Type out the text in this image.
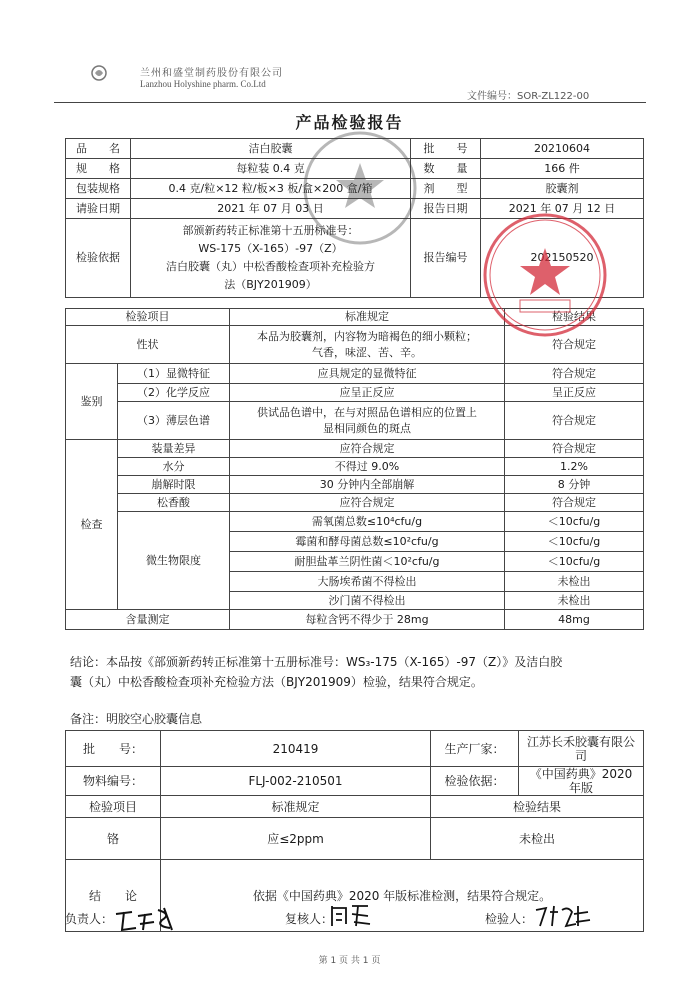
兰州和盛堂制药股份有限公司
Lanzhou Holyshine pharm. Co.Ltd
文件编号：SOR-ZL122-00
产品检验报告
品　　名	洁白胶囊	批　　号	20210604
规　　格	每粒装 0.4 克	数　　量	166 件
包装规格	0.4 克/粒×12 粒/板×3 板/盒×200 盒/箱	剂　　型	胶囊剂
请验日期	2021 年 07 月 03 日	报告日期	2021 年 07 月 12 日
检验依据	部颁新药转正标准第十五册标准号：
WS-175（X-165）-97（Z）
洁白胶囊（丸）中松香酸检查项补充检验方
法（BJY201909）	报告编号	202150520
检验项目		标准规定	检验结果
性状		本品为胶囊剂，内容物为暗褐色的细小颗粒；
气香，味涩、苦、辛。	符合规定
鉴别	（1）显微特征	应具规定的显微特征	符合规定
	（2）化学反应	应呈正反应	呈正反应
	（3）薄层色谱	供试品色谱中，在与对照品色谱相应的位置上
显相同颜色的斑点	符合规定
检查	装量差异	应符合规定	符合规定
	水分	不得过 9.0%	1.2%
	崩解时限	30 分钟内全部崩解	8 分钟
	松香酸	应符合规定	符合规定
	微生物限度	需氧菌总数≤10⁴cfu/g	＜10cfu/g
		霉菌和酵母菌总数≤10²cfu/g	＜10cfu/g
		耐胆盐革兰阴性菌＜10²cfu/g	＜10cfu/g
		大肠埃希菌不得检出	未检出
		沙门菌不得检出	未检出
含量测定		每粒含钙不得少于 28mg	48mg
结论：本品按《部颁新药转正标准第十五册标准号：WS₃-175（X-165）-97（Z）》及洁白胶
囊（丸）中松香酸检查项补充检验方法（BJY201909）检验，结果符合规定。
备注：明胶空心胶囊信息
批　　号：	210419	生产厂家：	江苏长禾胶囊有限公司
物料编号：	FLJ-002-210501	检验依据：	《中国药典》2020 年版
检验项目	标准规定	检验结果	
铬	应≤2ppm	未检出	
结　　论	依据《中国药典》2020 年版标准检测，结果符合规定。		
负责人：	复核人：	检验人：
第 1 页 共 1 页
